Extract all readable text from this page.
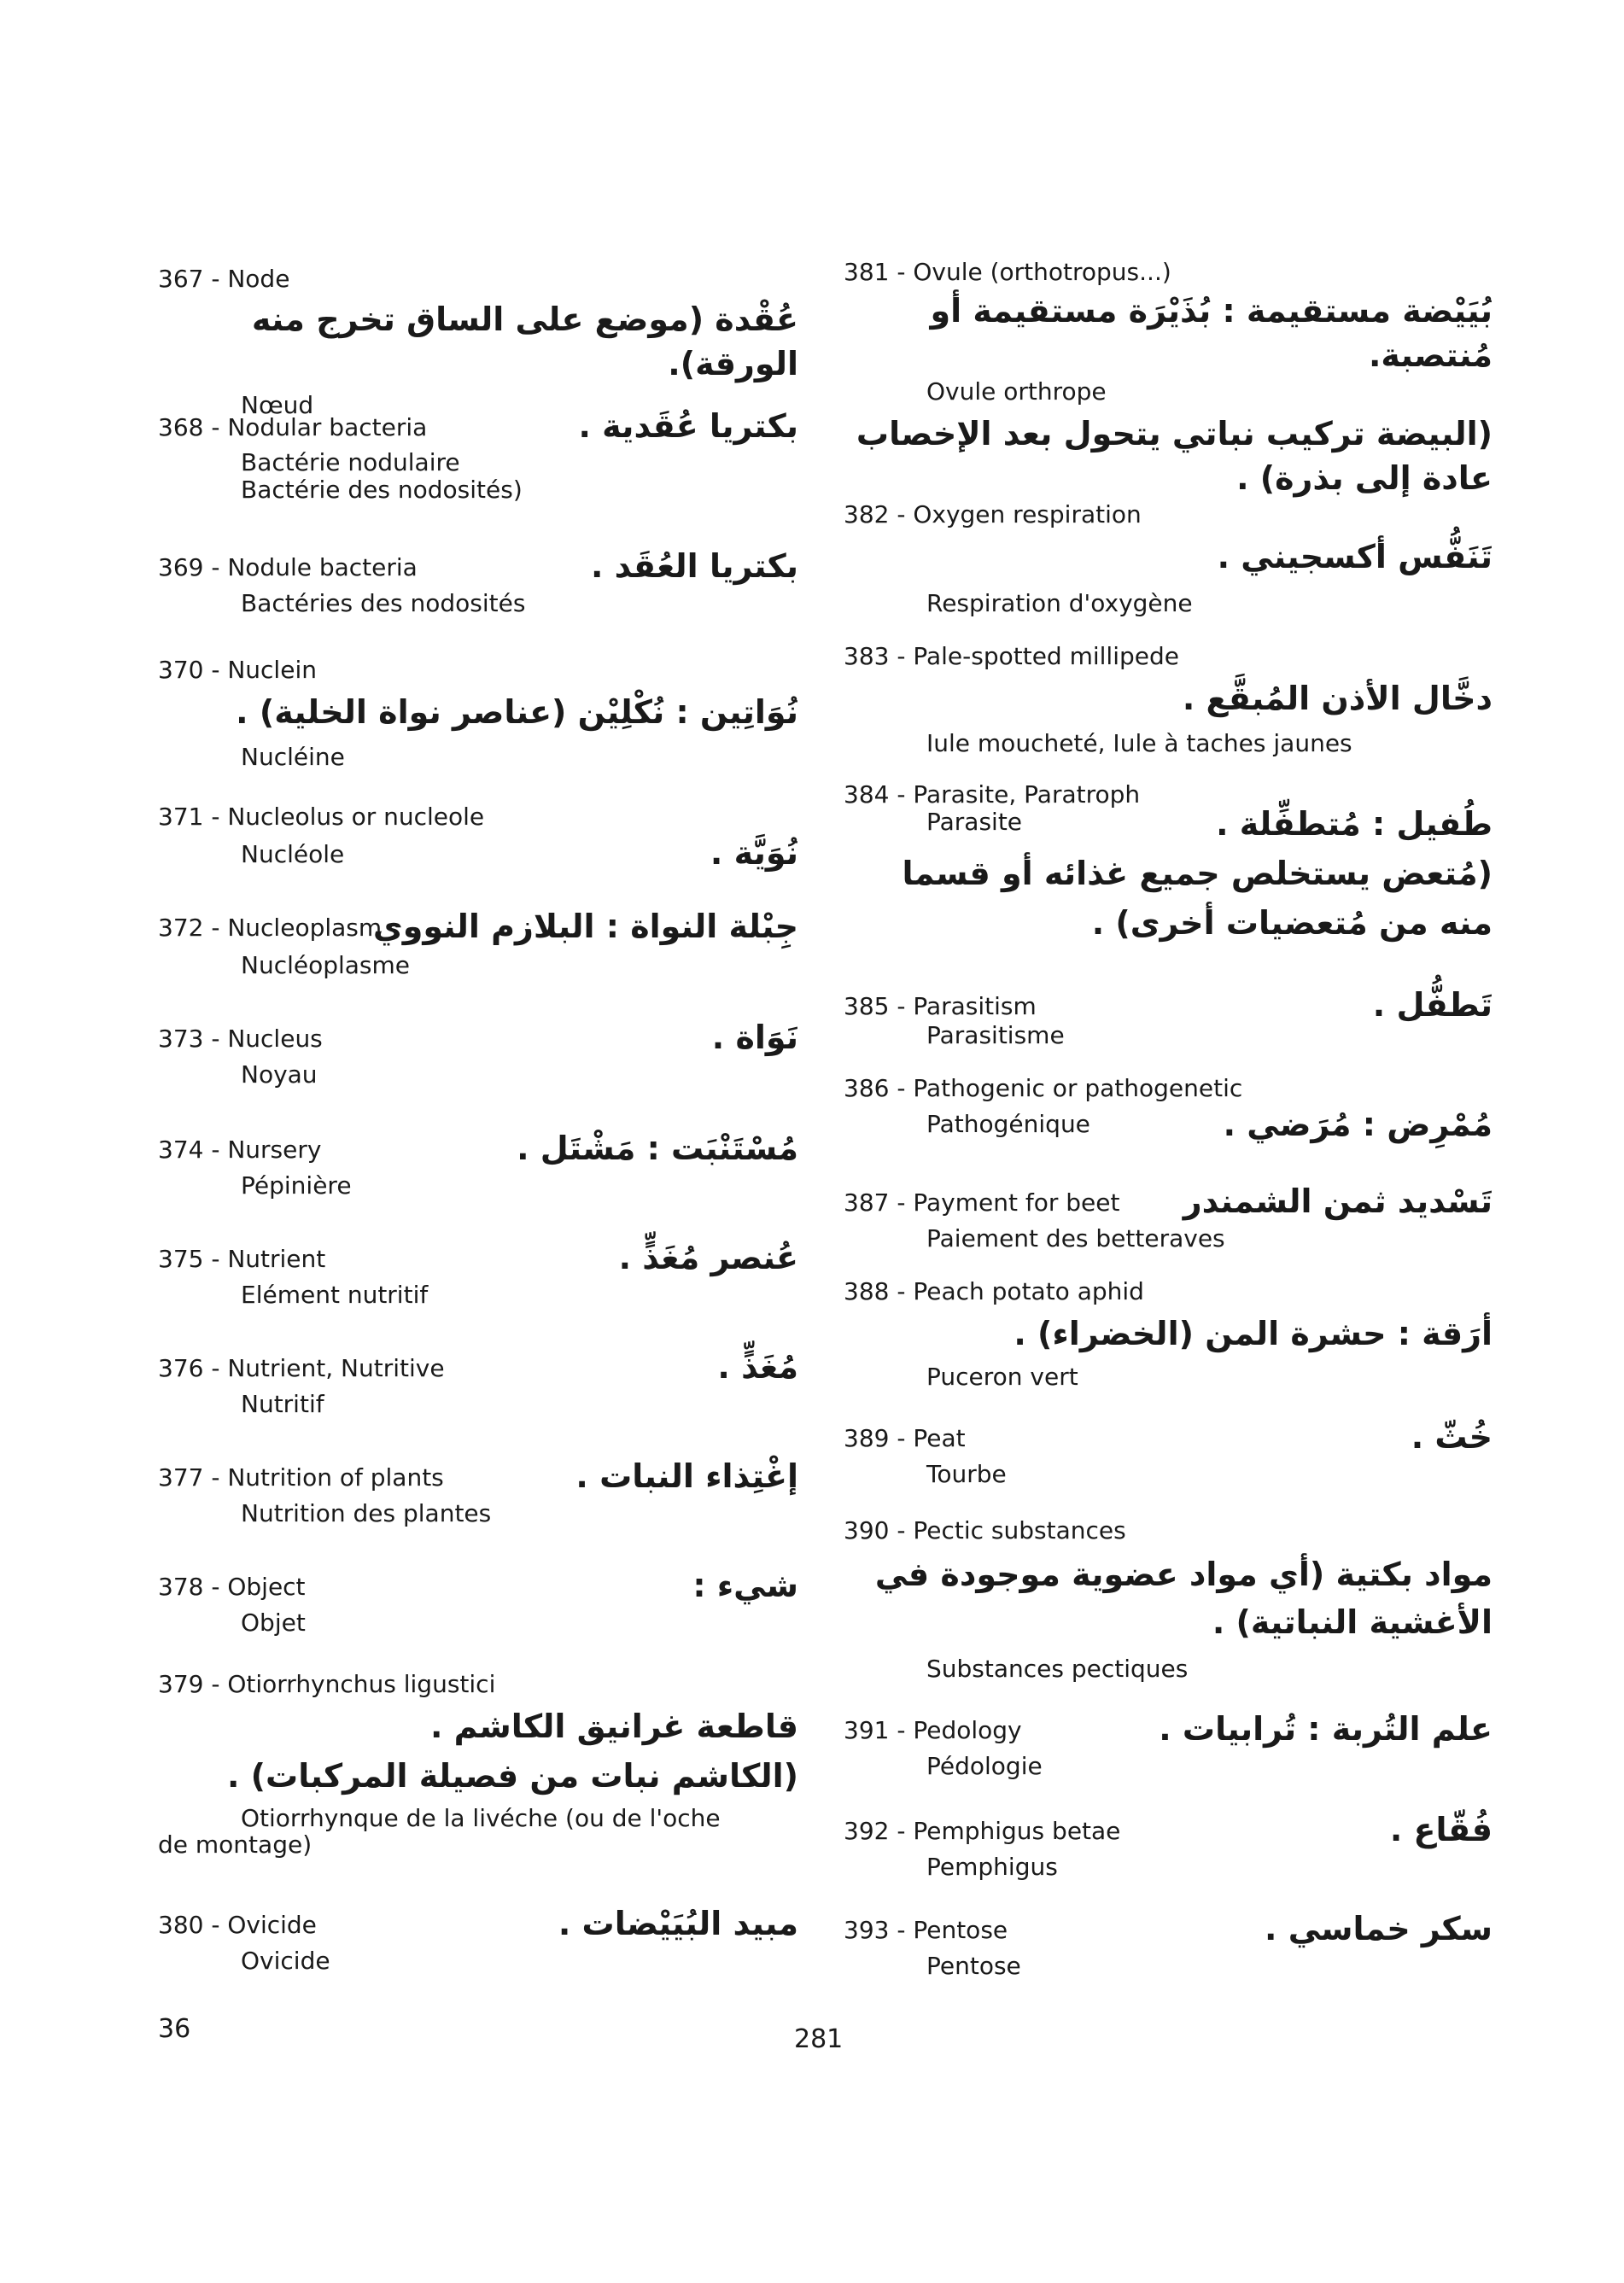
367 - Node
عُقْدة (موضع على الساق تخرج منه الورقة).
Nœud
368 - Nodular bacteria	بكتريا عُقَدية .
Bactérie nodulaire
Bactérie des nodosités)
369 - Nodule bacteria	بكتريا العُقَد .
Bactéries des nodosités
370 - Nuclein
نُوَاتِين : نُكْلِيْن (عناصر نواة الخلية) .
Nucléine
371 - Nucleolus or nucleole
Nucléole	نُوَيَّة .
372 - Nucleoplasm
جِبْلة النواة : البلازم النووي
Nucléoplasme
373 - Nucleus	نَوَاة .
Noyau
374 - Nursery	مُسْتَنْبَت : مَشْتَل .
Pépinière
375 - Nutrient	عُنصر مُغَذٍّ .
Elément nutritif
376 - Nutrient, Nutritive	مُغَذٍّ .
Nutritif
377 - Nutrition of plants	إغْتِذاء النبات .
Nutrition des plantes
378 - Object	شيء :
Objet
379 - Otiorrhynchus ligustici
قاطعة غرانيق الكاشم .
(الكاشم نبات من فصيلة المركبات) .
Otiorrhynque de la livéche (ou de l'oche
de montage)
380 - Ovicide	مبيد البُيَيْضات .
Ovicide
381 - Ovule (orthotropus...)
بُيَيْضة مستقيمة : بُذَيْرَة مستقيمة أو مُنتصبة.
Ovule orthrope
(البيضة تركيب نباتي يتحول بعد الإخصاب عادة إلى بذرة) .
382 - Oxygen respiration
تَنَفُّس أكسجيني .
Respiration d'oxygène
383 - Pale-spotted millipede
دخَّال الأذن المُبقَّع .
Iule moucheté, Iule à taches jaunes
384 - Parasite, Paratroph
Parasite	طُفيل : مُتطفِّلة .
(مُتعض يستخلص جميع غذائه أو قسما منه من مُتعضيات أخرى) .
385 - Parasitism	تَطفُّل .
Parasitisme
386 - Pathogenic or pathogenetic
Pathogénique	مُمْرِض : مُرَضي .
387 - Payment for beet تَسْديد ثمن الشمندر
Paiement des betteraves
388 - Peach potato aphid
أرَقة : حشرة المن (الخضراء) .
Puceron vert
389 - Peat	خُثّ .
Tourbe
390 - Pectic substances
مواد بكتية (أي مواد عضوية موجودة في الأغشية النباتية) .
Substances pectiques
391 - Pedology	علم التُربة : تُرابيات .
Pédologie
392 - Pemphigus betae	فُقّاع .
Pemphigus
393 - Pentose	سكر خماسي .
Pentose
36	281
